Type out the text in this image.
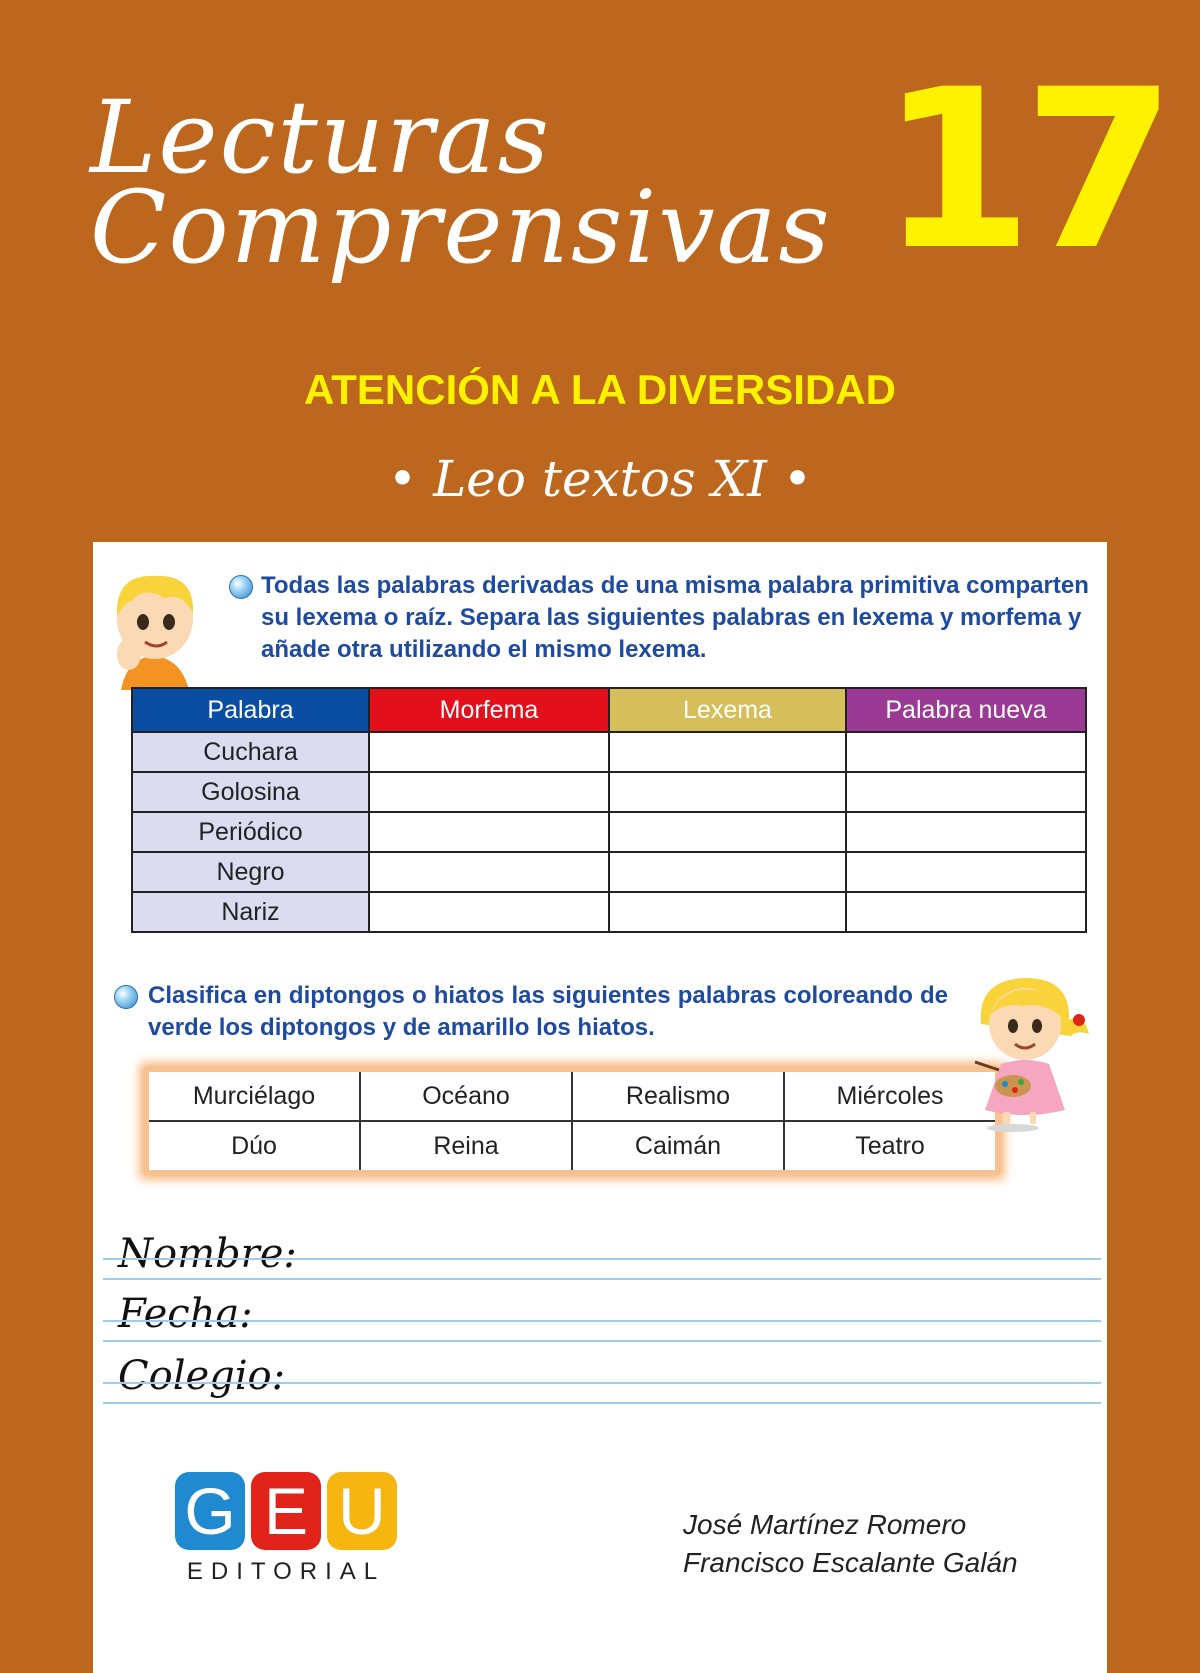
Lecturas
Comprensivas 17
ATENCIÓN A LA DIVERSIDAD
• Leo textos XI •
Todas las palabras derivadas de una misma palabra primitiva comparten su lexema o raíz. Separa las siguientes palabras en lexema y morfema y añade otra utilizando el mismo lexema.
Palabra	Morfema	Lexema	Palabra nueva
Cuchara			
Golosina			
Periódico			
Negro			
Nariz			
Clasifica en diptongos o hiatos las siguientes palabras coloreando de verde los diptongos y de amarillo los hiatos.
Murciélago	Océano	Realismo	Miércoles
Dúo	Reina	Caimán	Teatro
Nombre:
Fecha:
Colegio:
G E U
EDITORIAL
José Martínez Romero
Francisco Escalante Galán
